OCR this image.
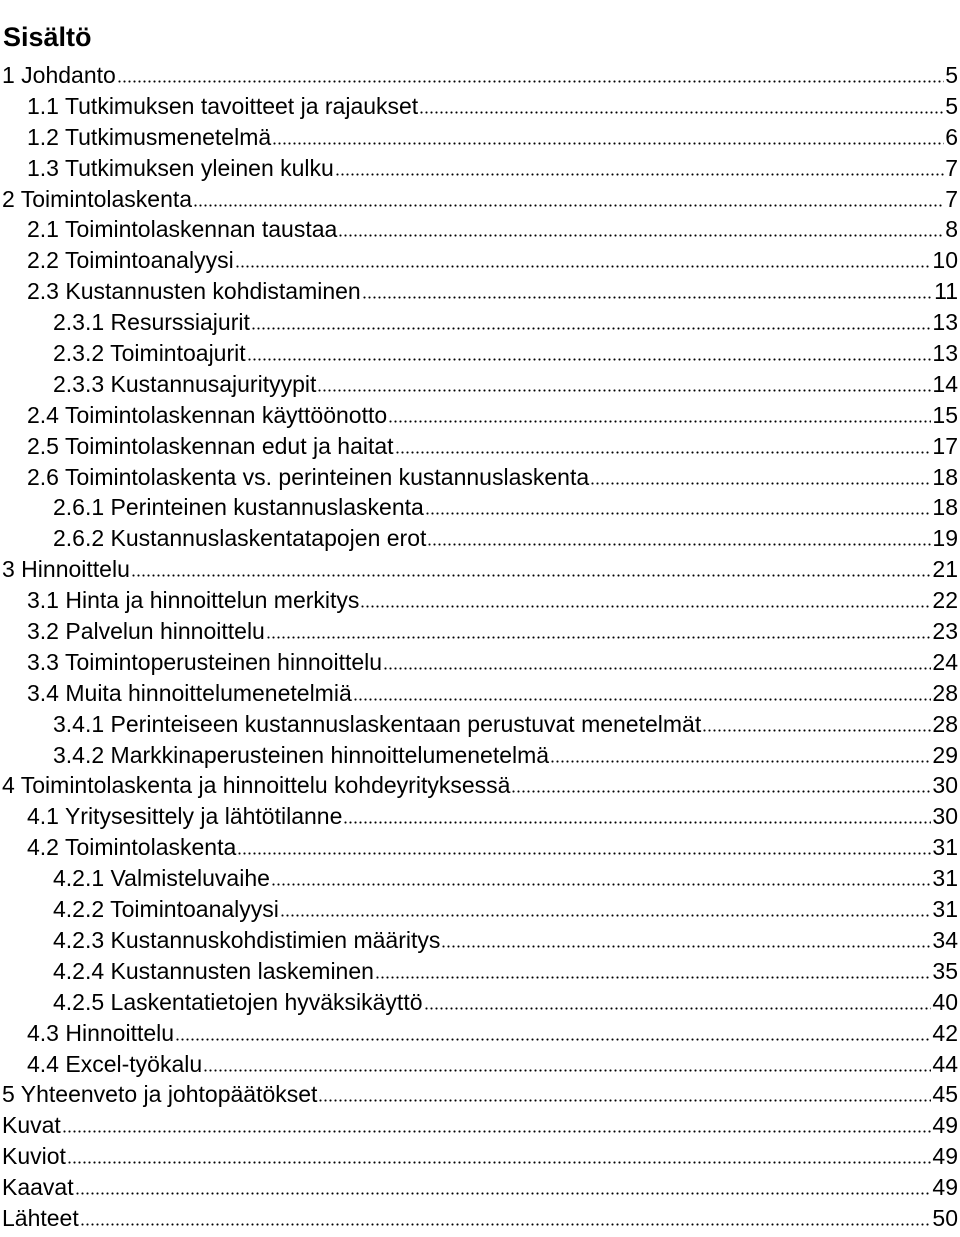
Sisältö
1 Johdanto	5
1.1 Tutkimuksen tavoitteet ja rajaukset	5
1.2 Tutkimusmenetelmä	6
1.3 Tutkimuksen yleinen kulku	7
2 Toimintolaskenta	7
2.1 Toimintolaskennan taustaa	8
2.2 Toimintoanalyysi	10
2.3 Kustannusten kohdistaminen	11
2.3.1 Resurssiajurit	13
2.3.2 Toimintoajurit	13
2.3.3 Kustannusajurityypit	14
2.4 Toimintolaskennan käyttöönotto	15
2.5 Toimintolaskennan edut ja haitat	17
2.6 Toimintolaskenta vs. perinteinen kustannuslaskenta	18
2.6.1 Perinteinen kustannuslaskenta	18
2.6.2 Kustannuslaskentatapojen erot	19
3 Hinnoittelu	21
3.1 Hinta ja hinnoittelun merkitys	22
3.2 Palvelun hinnoittelu	23
3.3 Toimintoperusteinen hinnoittelu	24
3.4 Muita hinnoittelumenetelmiä	28
3.4.1 Perinteiseen kustannuslaskentaan perustuvat menetelmät	28
3.4.2 Markkinaperusteinen hinnoittelumenetelmä	29
4 Toimintolaskenta ja hinnoittelu kohdeyrityksessä	30
4.1 Yritysesittely ja lähtötilanne	30
4.2 Toimintolaskenta	31
4.2.1 Valmisteluvaihe	31
4.2.2 Toimintoanalyysi	31
4.2.3 Kustannuskohdistimien määritys	34
4.2.4 Kustannusten laskeminen	35
4.2.5 Laskentatietojen hyväksikäyttö	40
4.3 Hinnoittelu	42
4.4 Excel-työkalu	44
5 Yhteenveto ja johtopäätökset	45
Kuvat	49
Kuviot	49
Kaavat	49
Lähteet	50
